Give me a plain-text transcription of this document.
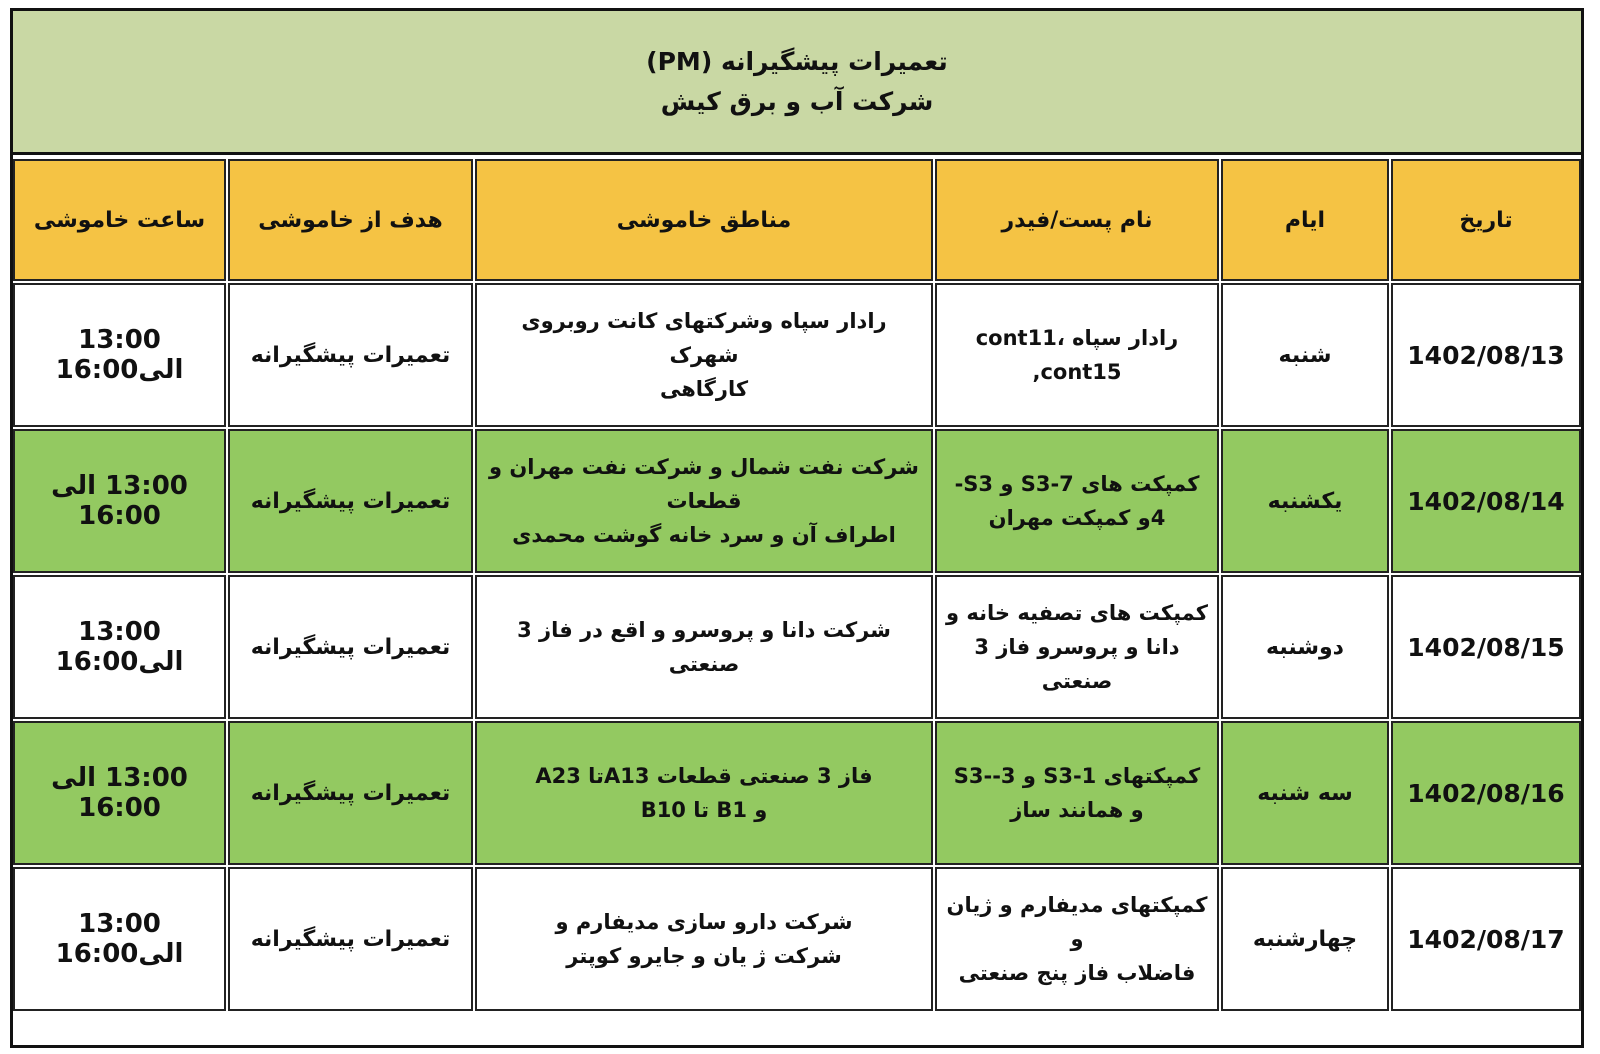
تعمیرات پیشگیرانه (PM)
شرکت آب و برق کیش
تاریخ
ایام
نام پست/فیدر
مناطق خاموشی
هدف از خاموشی
ساعت خاموشی
1402/08/13
شنبه
رادار سپاه ،cont11
cont15,
رادار سپاه وشرکتهای کانت روبروی شهرک
کارگاهی
تعمیرات پیشگیرانه
13:00 الی16:00
1402/08/14
یکشنبه
کمپکت های S3-7 و S3-
4و کمپکت مهران
شرکت نفت شمال و شرکت نفت مهران و قطعات
اطراف آن و سرد خانه گوشت محمدی
تعمیرات پیشگیرانه
13:00 الی 16:00
1402/08/15
دوشنبه
کمپکت های تصفیه خانه و
دانا و پروسرو فاز 3 صنعتی
شرکت دانا و پروسرو و اقع در فاز 3 صنعتی
تعمیرات پیشگیرانه
13:00 الی16:00
1402/08/16
سه شنبه
کمپکتهای S3-1 و S3--3
و همانند ساز
فاز 3 صنعتی قطعات A13تا A23
و B1 تا B10
تعمیرات پیشگیرانه
13:00 الی 16:00
1402/08/17
چهارشنبه
کمپکتهای مدیفارم و ژیان و
فاضلاب فاز پنج صنعتی
شرکت دارو سازی مدیفارم و
شرکت ژ یان و جایرو کوپتر
تعمیرات پیشگیرانه
13:00 الی16:00
